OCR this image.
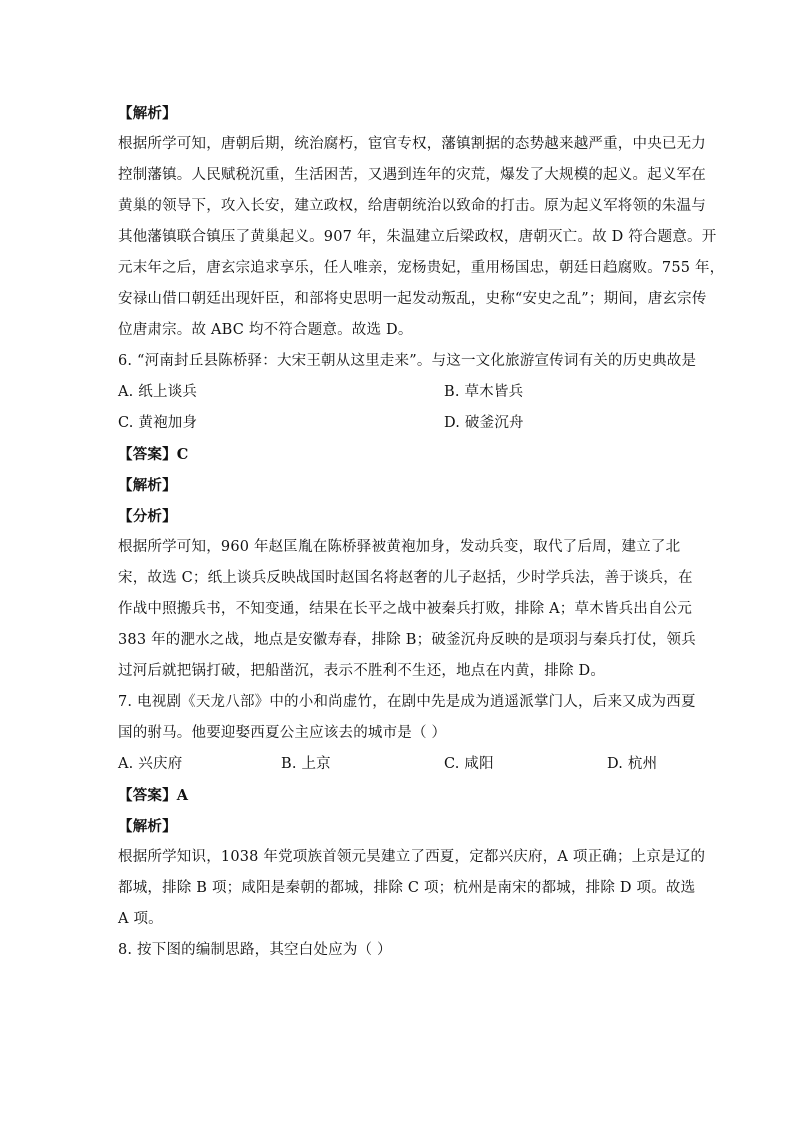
【解析】
根据所学可知，唐朝后期，统治腐朽，宦官专权，藩镇割据的态势越来越严重，中央已无力
控制藩镇。人民赋税沉重，生活困苦，又遇到连年的灾荒，爆发了大规模的起义。起义军在
黄巢的领导下，攻入长安，建立政权，给唐朝统治以致命的打击。原为起义军将领的朱温与
其他藩镇联合镇压了黄巢起义。907 年，朱温建立后梁政权，唐朝灭亡。故 D 符合题意。开
元末年之后，唐玄宗追求享乐，任人唯亲，宠杨贵妃，重用杨国忠，朝廷日趋腐败。755 年，
安禄山借口朝廷出现奸臣，和部将史思明一起发动叛乱，史称“安史之乱”；期间，唐玄宗传
位唐肃宗。故 ABC 均不符合题意。故选 D。
6. “河南封丘县陈桥驿：大宋王朝从这里走来”。与这一文化旅游宣传词有关的历史典故是
A. 纸上谈兵	B. 草木皆兵
C. 黄袍加身	D. 破釜沉舟
【答案】C
【解析】
【分析】
根据所学可知，960 年赵匡胤在陈桥驿被黄袍加身，发动兵变，取代了后周，建立了北
宋，故选 C；纸上谈兵反映战国时赵国名将赵奢的儿子赵括，少时学兵法，善于谈兵，在
作战中照搬兵书，不知变通，结果在长平之战中被秦兵打败，排除 A；草木皆兵出自公元
383 年的淝水之战，地点是安徽寿春，排除 B；破釜沉舟反映的是项羽与秦兵打仗，领兵
过河后就把锅打破，把船凿沉，表示不胜利不生还，地点在内黄，排除 D。
7. 电视剧《天龙八部》中的小和尚虚竹，在剧中先是成为逍遥派掌门人，后来又成为西夏
国的驸马。他要迎娶西夏公主应该去的城市是（ ）
A. 兴庆府	B. 上京	C. 咸阳	D. 杭州
【答案】A
【解析】
根据所学知识，1038 年党项族首领元昊建立了西夏，定都兴庆府，A 项正确；上京是辽的
都城，排除 B 项；咸阳是秦朝的都城，排除 C 项；杭州是南宋的都城，排除 D 项。故选
A 项。
8. 按下图的编制思路，其空白处应为（ ）
